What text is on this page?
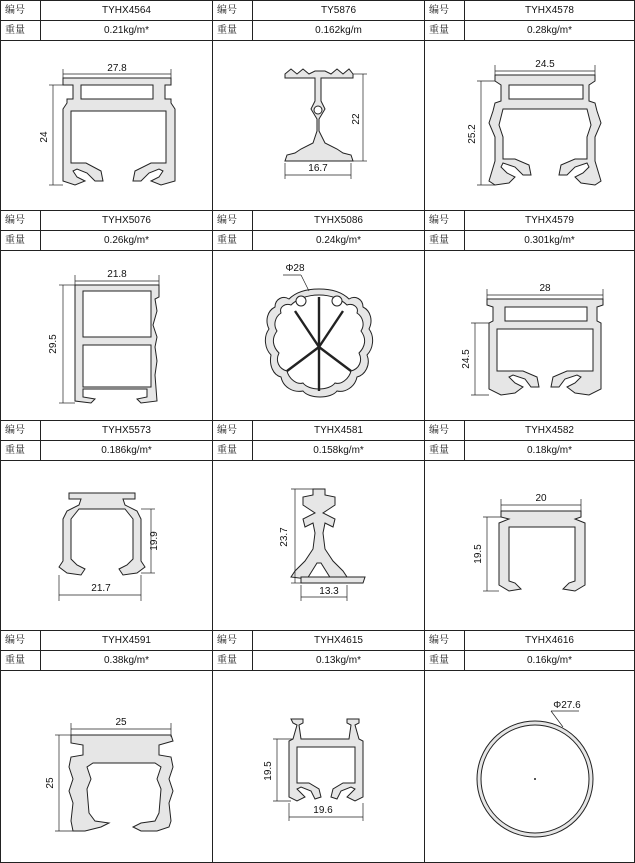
编号	TYHX4564
重量	0.21kg/m*
27.8
24
编号	TY5876
重量	0.162kg/m
22
16.7
编号	TYHX4578
重量	0.28kg/m*
24.5
25.2
编号	TYHX5076
重量	0.26kg/m*
21.8
29.5
编号	TYHX5086
重量	0.24kg/m*
Φ28
编号	TYHX4579
重量	0.301kg/m*
28
24.5
编号	TYHX5573
重量	0.186kg/m*
19.9
21.7
编号	TYHX4581
重量	0.158kg/m*
23.7
13.3
编号	TYHX4582
重量	0.18kg/m*
20
19.5
编号	TYHX4591
重量	0.38kg/m*
25
25
编号	TYHX4615
重量	0.13kg/m*
19.5
19.6
编号	TYHX4616
重量	0.16kg/m*
Φ27.6
